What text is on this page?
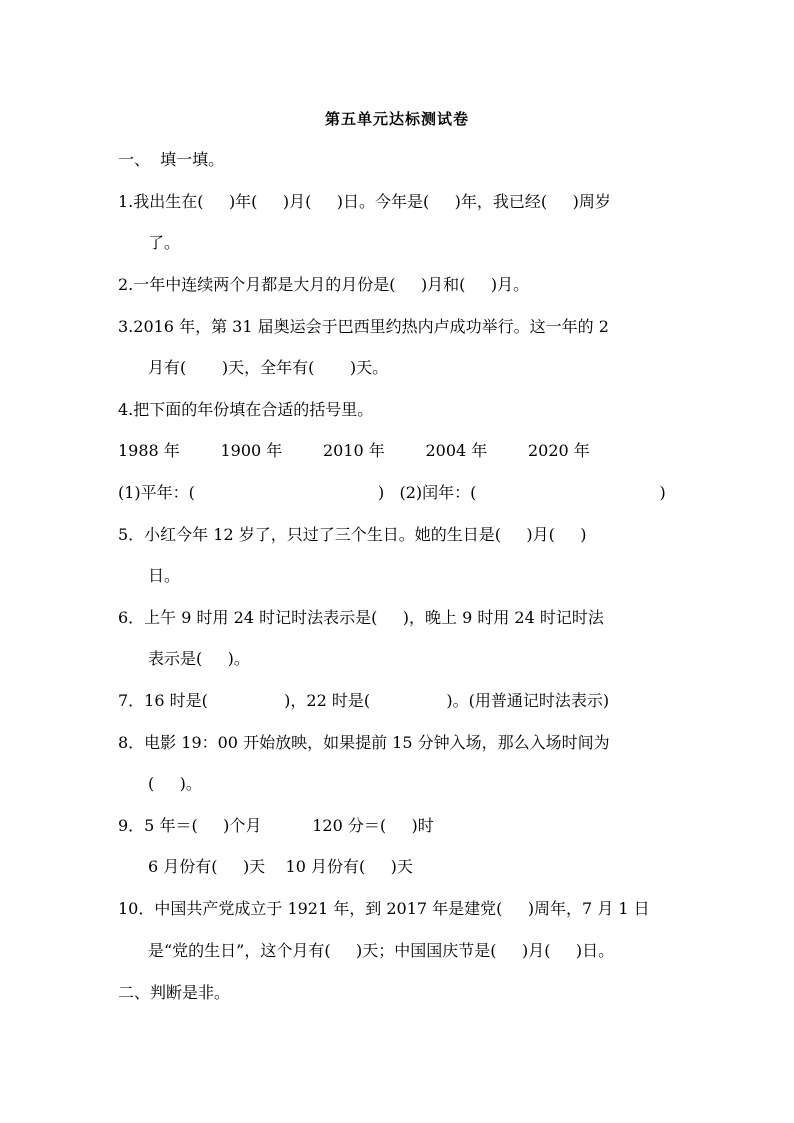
第五单元达标测试卷
一、  填一填。
1.我出生在(     )年(     )月(     )日。今年是(     )年，我已经(     )周岁
了。
2.一年中连续两个月都是大月的月份是(     )月和(     )月。
3.2016 年，第 31 届奥运会于巴西里约热内卢成功举行。这一年的 2
月有(       )天，全年有(       )天。
4.把下面的年份填在合适的括号里。
1988 年        1900 年        2010 年        2004 年        2020 年
(1)平年：(                                    )   (2)闰年：(                                    )
5．小红今年 12 岁了，只过了三个生日。她的生日是(     )月(     )
日。
6．上午 9 时用 24 时记时法表示是(     )，晚上 9 时用 24 时记时法
表示是(     )。
7．16 时是(               )，22 时是(               )。(用普通记时法表示)
8．电影 19：00 开始放映，如果提前 15 分钟入场，那么入场时间为
(     )。
9．5 年＝(     )个月          120 分＝(     )时
6 月份有(     )天    10 月份有(     )天
10．中国共产党成立于 1921 年，到 2017 年是建党(     )周年，7 月 1 日
是“党的生日”，这个月有(     )天；中国国庆节是(     )月(     )日。
二、判断是非。
